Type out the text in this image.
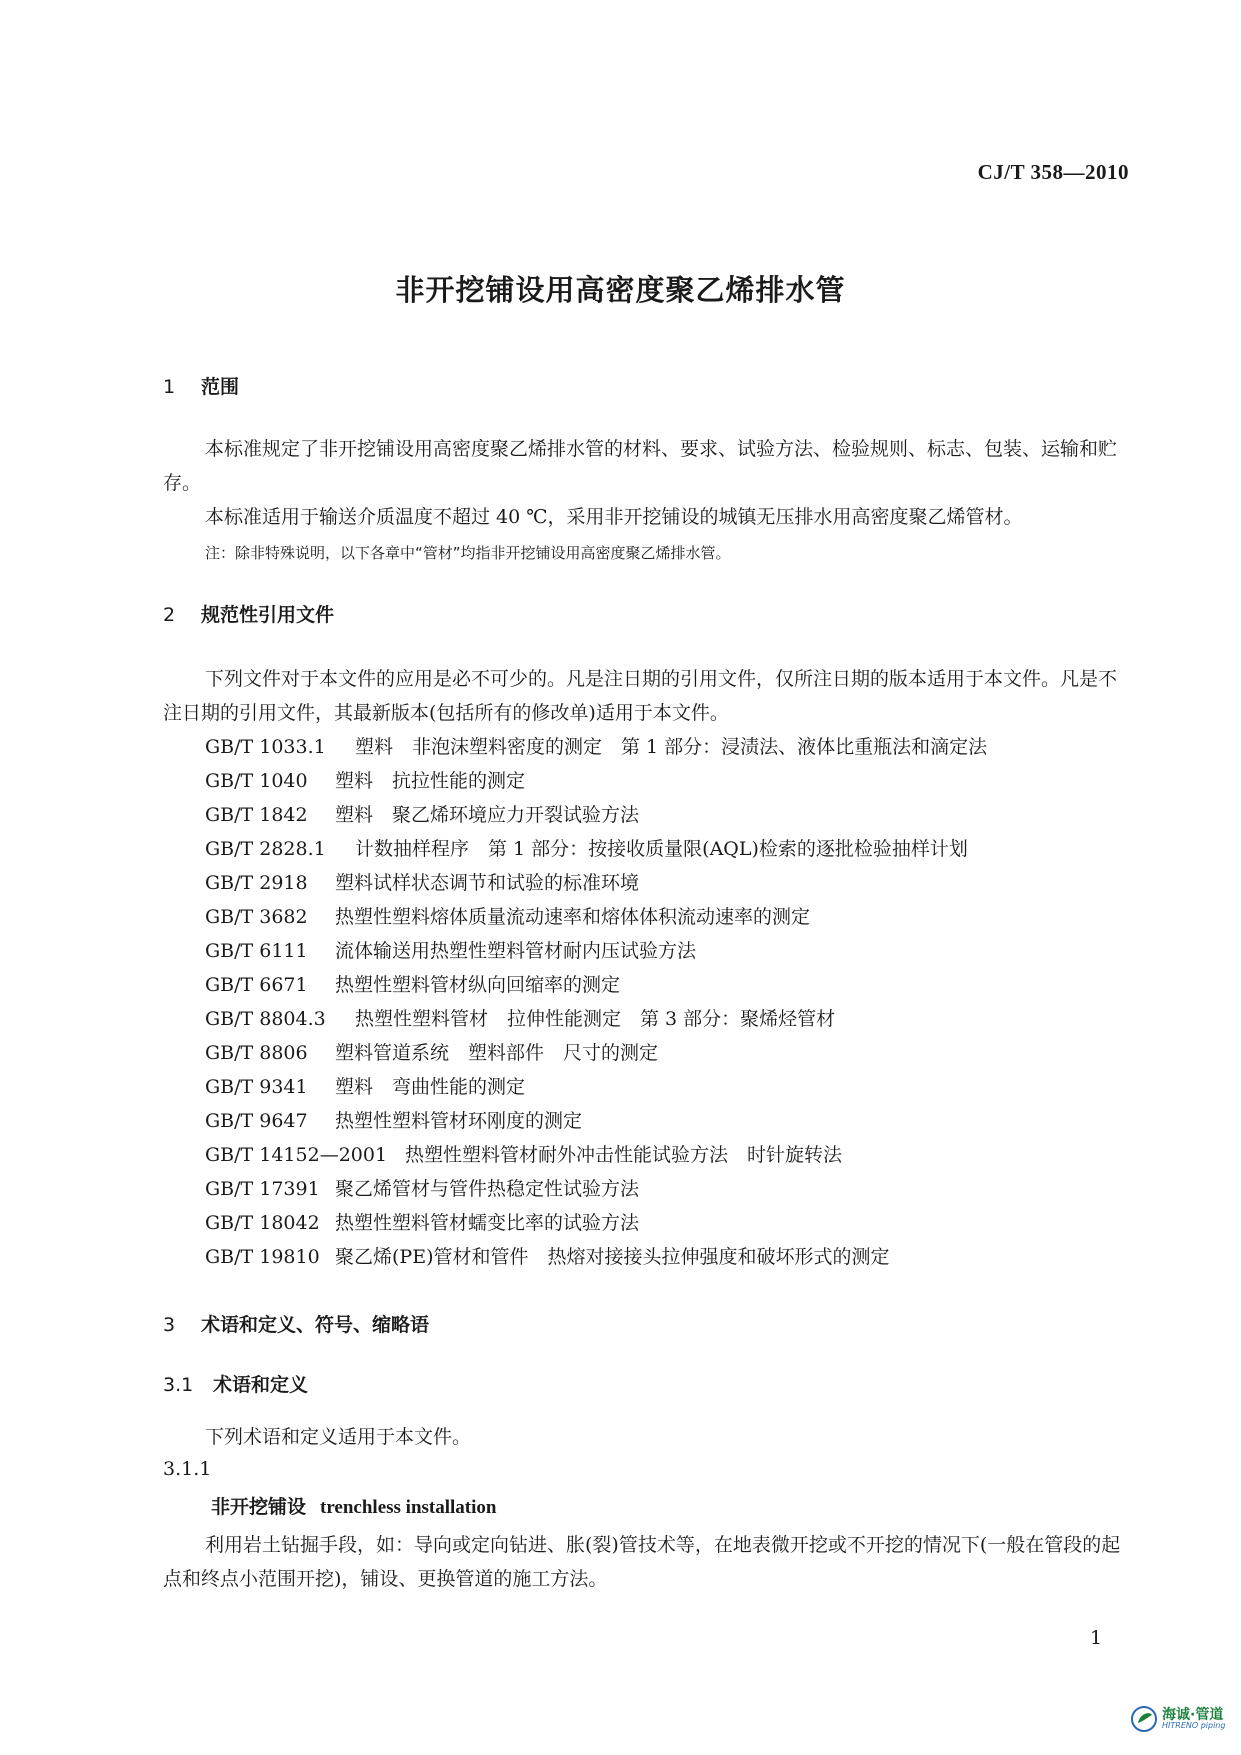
CJ/T 358—2010
非开挖铺设用高密度聚乙烯排水管
1 范围
本标准规定了非开挖铺设用高密度聚乙烯排水管的材料、要求、试验方法、检验规则、标志、包装、运输和贮存。
本标准适用于输送介质温度不超过 40 ℃，采用非开挖铺设的城镇无压排水用高密度聚乙烯管材。
注：除非特殊说明，以下各章中“管材”均指非开挖铺设用高密度聚乙烯排水管。
2 规范性引用文件
下列文件对于本文件的应用是必不可少的。凡是注日期的引用文件，仅所注日期的版本适用于本文件。凡是不注日期的引用文件，其最新版本(包括所有的修改单)适用于本文件。
GB/T 1033.1 塑料　非泡沫塑料密度的测定　第 1 部分：浸渍法、液体比重瓶法和滴定法
GB/T 1040 塑料　抗拉性能的测定
GB/T 1842 塑料　聚乙烯环境应力开裂试验方法
GB/T 2828.1 计数抽样程序　第 1 部分：按接收质量限(AQL)检索的逐批检验抽样计划
GB/T 2918 塑料试样状态调节和试验的标准环境
GB/T 3682 热塑性塑料熔体质量流动速率和熔体体积流动速率的测定
GB/T 6111 流体输送用热塑性塑料管材耐内压试验方法
GB/T 6671 热塑性塑料管材纵向回缩率的测定
GB/T 8804.3 热塑性塑料管材　拉伸性能测定　第 3 部分：聚烯烃管材
GB/T 8806 塑料管道系统　塑料部件　尺寸的测定
GB/T 9341 塑料　弯曲性能的测定
GB/T 9647 热塑性塑料管材环刚度的测定
GB/T 14152—2001 热塑性塑料管材耐外冲击性能试验方法　时针旋转法
GB/T 17391 聚乙烯管材与管件热稳定性试验方法
GB/T 18042 热塑性塑料管材蠕变比率的试验方法
GB/T 19810 聚乙烯(PE)管材和管件　热熔对接接头拉伸强度和破坏形式的测定
3 术语和定义、符号、缩略语
3.1 术语和定义
下列术语和定义适用于本文件。
3.1.1
非开挖铺设 trenchless installation
利用岩土钻掘手段，如：导向或定向钻进、胀(裂)管技术等，在地表微开挖或不开挖的情况下(一般在管段的起点和终点小范围开挖)，铺设、更换管道的施工方法。
1
海诚·管道
HITRENO piping
